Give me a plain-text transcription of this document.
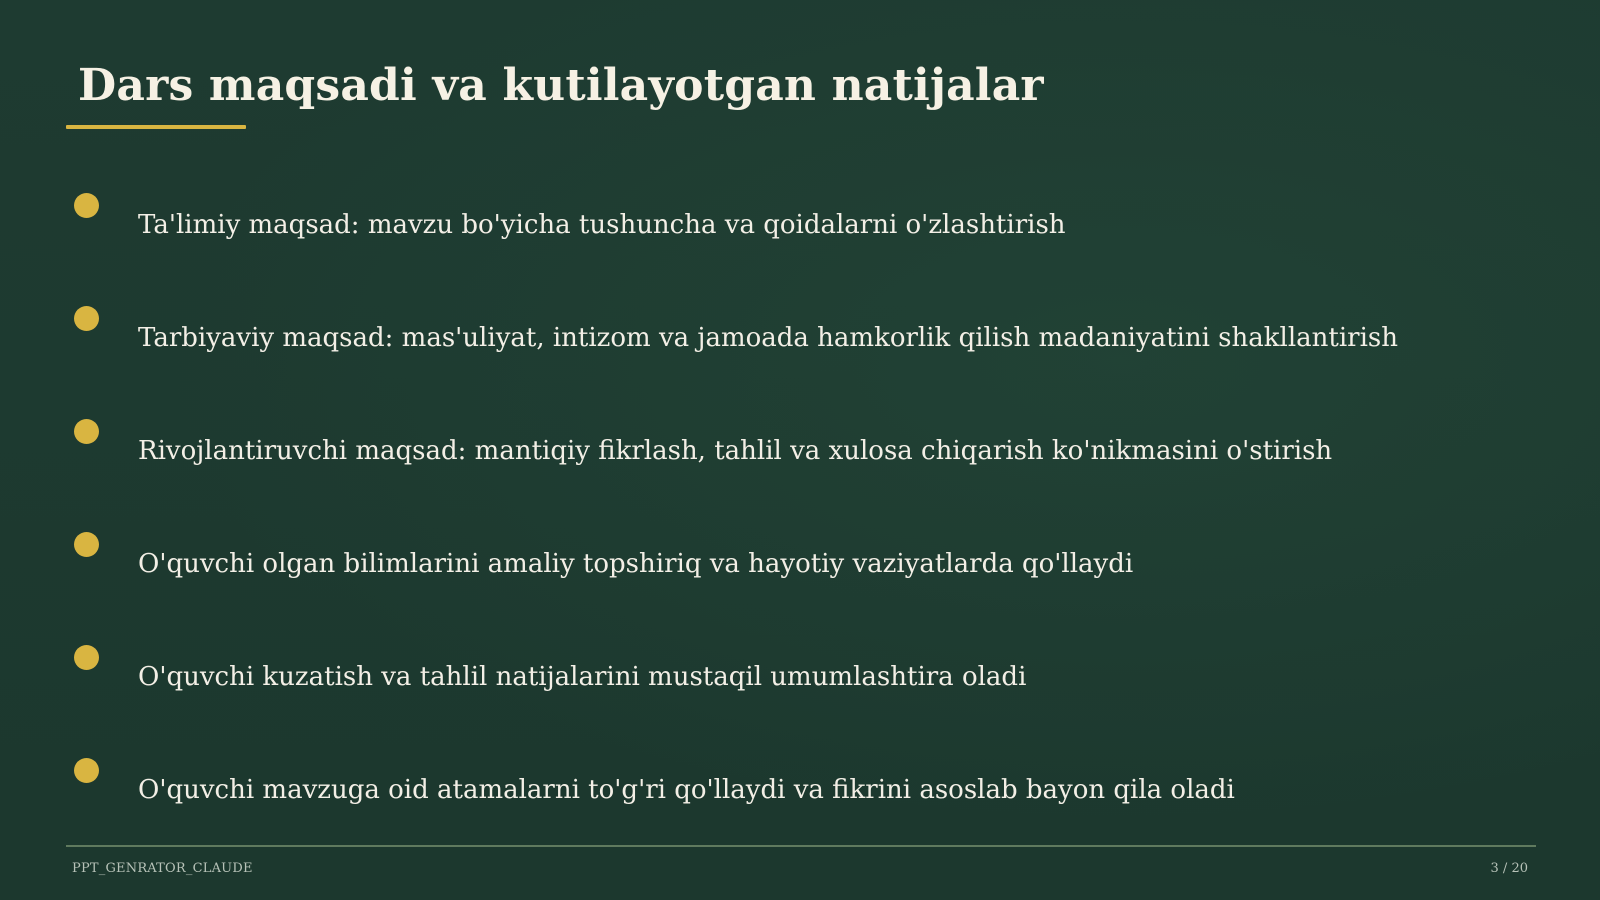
Dars maqsadi va kutilayotgan natijalar
Ta'limiy maqsad: mavzu bo'yicha tushuncha va qoidalarni o'zlashtirish
Tarbiyaviy maqsad: mas'uliyat, intizom va jamoada hamkorlik qilish madaniyatini shakllantirish
Rivojlantiruvchi maqsad: mantiqiy fikrlash, tahlil va xulosa chiqarish ko'nikmasini o'stirish
O'quvchi olgan bilimlarini amaliy topshiriq va hayotiy vaziyatlarda qo'llaydi
O'quvchi kuzatish va tahlil natijalarini mustaqil umumlashtira oladi
O'quvchi mavzuga oid atamalarni to'g'ri qo'llaydi va fikrini asoslab bayon qila oladi
PPT_GENRATOR_CLAUDE	3 / 20
